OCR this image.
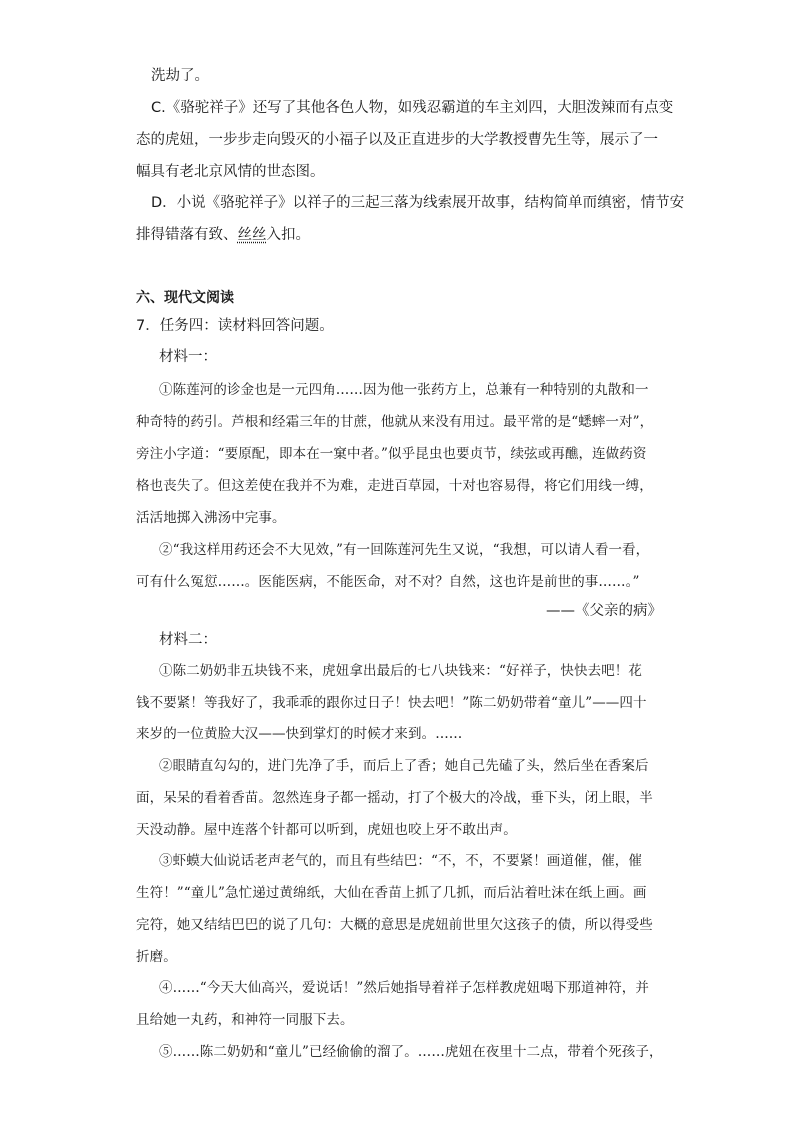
洗劫了。

C.《骆驼祥子》还写了其他各色人物，如残忍霸道的车主刘四，大胆泼辣而有点变

态的虎妞，一步步走向毁灭的小福子以及正直进步的大学教授曹先生等，展示了一

幅具有老北京风情的世态图。

D．小说《骆驼祥子》以祥子的三起三落为线索展开故事，结构简单而缜密，情节安

排得错落有致、丝丝入扣。

六、现代文阅读

7．任务四：读材料回答问题。

材料一：

①陈莲河的诊金也是一元四角……因为他一张药方上，总兼有一种特别的丸散和一

种奇特的药引。芦根和经霜三年的甘蔗，他就从来没有用过。最平常的是“蟋蟀一对”，

旁注小字道：“要原配，即本在一窠中者。”似乎昆虫也要贞节，续弦或再醮，连做药资

格也丧失了。但这差使在我并不为难，走进百草园，十对也容易得，将它们用线一缚，

活活地掷入沸汤中完事。

②“我这样用药还会不大见效，”有一回陈莲河先生又说，“我想，可以请人看一看，

可有什么冤愆……。医能医病，不能医命，对不对？自然，这也许是前世的事……。”

——《父亲的病》

材料二：

①陈二奶奶非五块钱不来，虎妞拿出最后的七八块钱来：“好祥子，快快去吧！花

钱不要紧！等我好了，我乖乖的跟你过日子！快去吧！”陈二奶奶带着“童儿”——四十

来岁的一位黄脸大汉——快到掌灯的时候才来到。……

②眼睛直勾勾的，进门先净了手，而后上了香；她自己先磕了头，然后坐在香案后

面，呆呆的看着香苗。忽然连身子都一摇动，打了个极大的冷战，垂下头，闭上眼，半

天没动静。屋中连落个针都可以听到，虎妞也咬上牙不敢出声。

③虾蟆大仙说话老声老气的，而且有些结巴：“不，不，不要紧！画道催，催，催

生符！”“童儿”急忙递过黄绵纸，大仙在香苗上抓了几抓，而后沾着吐沫在纸上画。画

完符，她又结结巴巴的说了几句：大概的意思是虎妞前世里欠这孩子的债，所以得受些

折磨。

④……“今天大仙高兴，爱说话！”然后她指导着祥子怎样教虎妞喝下那道神符，并

且给她一丸药，和神符一同服下去。

⑤……陈二奶奶和“童儿”已经偷偷的溜了。……虎妞在夜里十二点，带着个死孩子，
